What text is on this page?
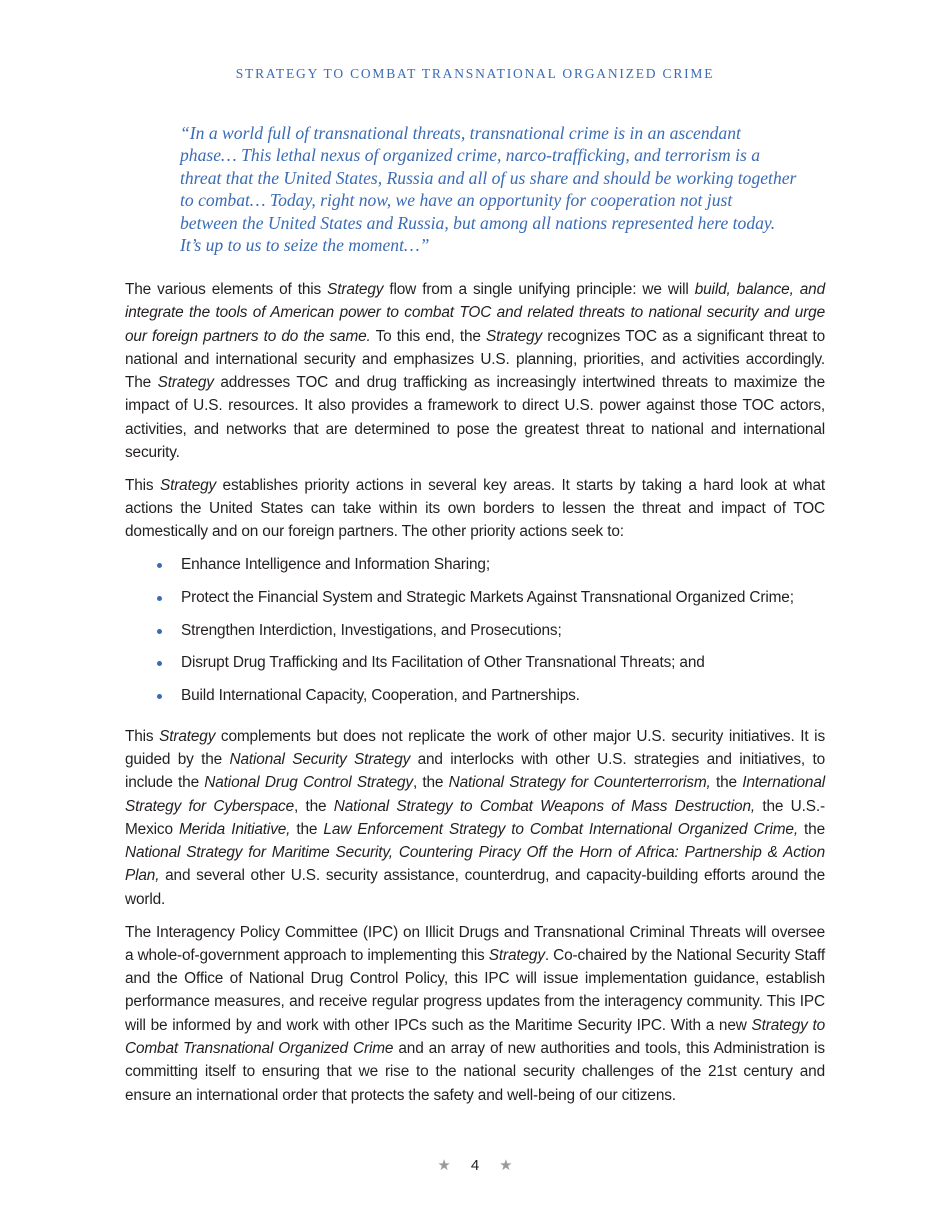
STRATEGY TO COMBAT TRANSNATIONAL ORGANIZED CRIME
“In a world full of transnational threats, transnational crime is in an ascendant
phase… This lethal nexus of organized crime, narco-trafficking, and terrorism is a
threat that the United States, Russia and all of us share and should be working together
to combat… Today, right now, we have an opportunity for cooperation not just
between the United States and Russia, but among all nations represented here today.
It’s up to us to seize the moment…”

The various elements of this Strategy flow from a single unifying principle: we will build, balance, and integrate the tools of American power to combat TOC and related threats to national security and urge our foreign partners to do the same. To this end, the Strategy recognizes TOC as a significant threat to national and international security and emphasizes U.S. planning, priorities, and activities accordingly. The Strategy addresses TOC and drug trafficking as increasingly intertwined threats to maximize the impact of U.S. resources. It also provides a framework to direct U.S. power against those TOC actors, activities, and networks that are determined to pose the greatest threat to national and international security.

This Strategy establishes priority actions in several key areas. It starts by taking a hard look at what actions the United States can take within its own borders to lessen the threat and impact of TOC domestically and on our foreign partners. The other priority actions seek to:

Enhance Intelligence and Information Sharing;
Protect the Financial System and Strategic Markets Against Transnational Organized Crime;
Strengthen Interdiction, Investigations, and Prosecutions;
Disrupt Drug Trafficking and Its Facilitation of Other Transnational Threats; and
Build International Capacity, Cooperation, and Partnerships.

This Strategy complements but does not replicate the work of other major U.S. security initiatives. It is guided by the National Security Strategy and interlocks with other U.S. strategies and initiatives, to include the National Drug Control Strategy, the National Strategy for Counterterrorism, the International Strategy for Cyberspace, the National Strategy to Combat Weapons of Mass Destruction, the U.S.-Mexico Merida Initiative, the Law Enforcement Strategy to Combat International Organized Crime, the National Strategy for Maritime Security, Countering Piracy Off the Horn of Africa: Partnership & Action Plan, and several other U.S. security assistance, counterdrug, and capacity-building efforts around the world.

The Interagency Policy Committee (IPC) on Illicit Drugs and Transnational Criminal Threats will oversee a whole-of-government approach to implementing this Strategy. Co-chaired by the National Security Staff and the Office of National Drug Control Policy, this IPC will issue implementation guidance, establish performance measures, and receive regular progress updates from the interagency community. This IPC will be informed by and work with other IPCs such as the Maritime Security IPC. With a new Strategy to Combat Transnational Organized Crime and an array of new authorities and tools, this Administration is committing itself to ensuring that we rise to the national security challenges of the 21st century and ensure an international order that protects the safety and well-being of our citizens.

★ 4 ★
